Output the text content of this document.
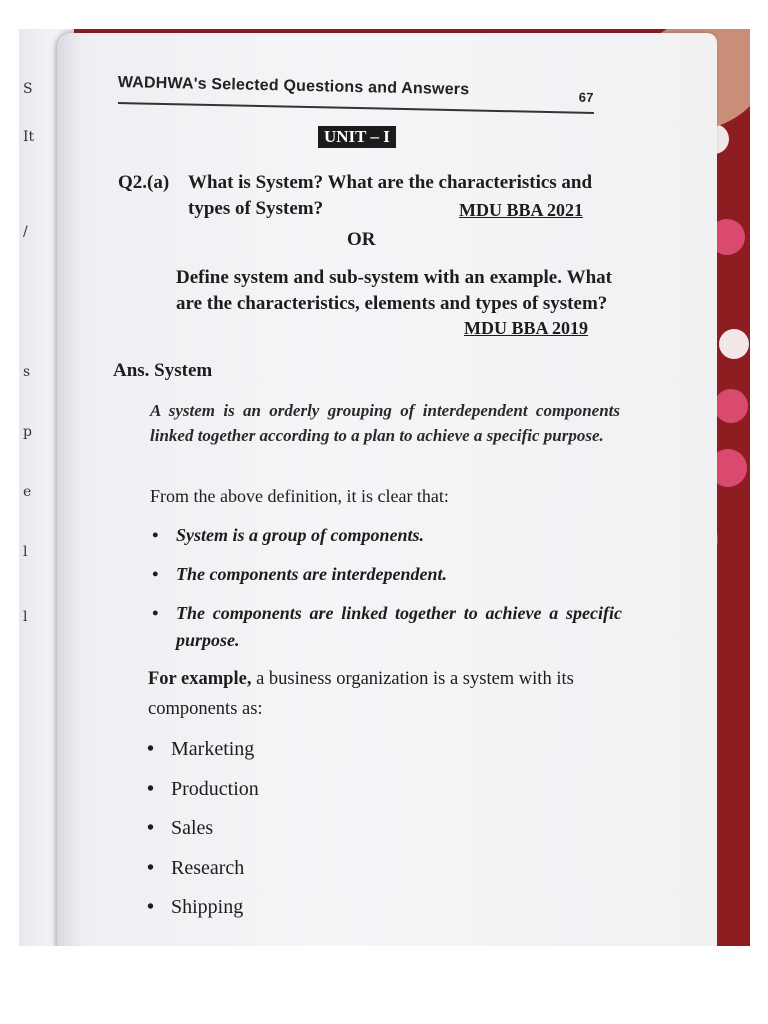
S
It
/
s
p
e
l
l
WADHWA's Selected Questions and Answers	67
UNIT – I
Q2.(a) What is System? What are the characteristics and types of System?	MDU BBA 2021
OR
Define system and sub-system with an example. What are the characteristics, elements and types of system?
MDU BBA 2019
Ans. System
A system is an orderly grouping of interdependent components linked together according to a plan to achieve a specific purpose.
From the above definition, it is clear that:
• System is a group of components.
• The components are interdependent.
• The components are linked together to achieve a specific purpose.
For example, a business organization is a system with its components as:
• Marketing
• Production
• Sales
• Research
• Shipping
